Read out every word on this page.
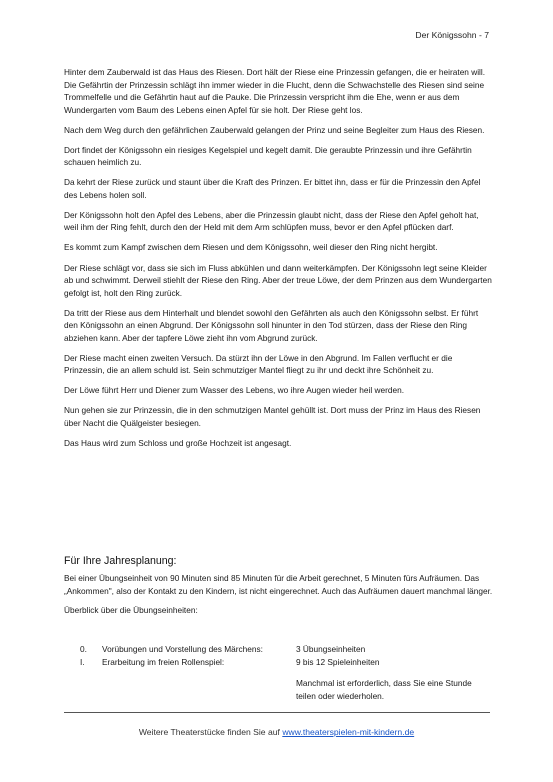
Der Königssohn - 7

Hinter dem Zauberwald ist das Haus des Riesen. Dort hält der Riese eine Prinzessin gefangen, die er heiraten will. Die Gefährtin der Prinzessin schlägt ihn immer wieder in die Flucht, denn die Schwachstelle des Riesen sind seine Trommelfelle und die Gefährtin haut auf die Pauke. Die Prinzessin verspricht ihm die Ehe, wenn er aus dem Wundergarten vom Baum des Lebens einen Apfel für sie holt. Der Riese geht los.

Nach dem Weg durch den gefährlichen Zauberwald gelangen der Prinz und seine Begleiter zum Haus des Riesen.

Dort findet der Königssohn ein riesiges Kegelspiel und kegelt damit. Die geraubte Prinzessin und ihre Gefährtin schauen heimlich zu.

Da kehrt der Riese zurück und staunt über die Kraft des Prinzen. Er bittet ihn, dass er für die Prinzessin den Apfel des Lebens holen soll.

Der Königssohn holt den Apfel des Lebens, aber die Prinzessin glaubt nicht, dass der Riese den Apfel geholt hat, weil ihm der Ring fehlt, durch den der Held mit dem Arm schlüpfen muss, bevor er den Apfel pflücken darf.

Es kommt zum Kampf zwischen dem Riesen und dem Königssohn, weil dieser den Ring nicht hergibt.

Der Riese schlägt vor, dass sie sich im Fluss abkühlen und dann weiterkämpfen. Der Königssohn legt seine Kleider ab und schwimmt. Derweil stiehlt der Riese den Ring. Aber der treue Löwe, der dem Prinzen aus dem Wundergarten gefolgt ist, holt den Ring zurück.

Da tritt der Riese aus dem Hinterhalt und blendet sowohl den Gefährten als auch den Königssohn selbst. Er führt den Königssohn an einen Abgrund. Der Königssohn soll hinunter in den Tod stürzen, dass der Riese den Ring abziehen kann. Aber der tapfere Löwe zieht ihn vom Abgrund zurück.

Der Riese macht einen zweiten Versuch. Da stürzt ihn der Löwe in den Abgrund. Im Fallen verflucht er die Prinzessin, die an allem schuld ist. Sein schmutziger Mantel fliegt zu ihr und deckt ihre Schönheit zu.

Der Löwe führt Herr und Diener zum Wasser des Lebens, wo ihre Augen wieder heil werden.

Nun gehen sie zur Prinzessin, die in den schmutzigen Mantel gehüllt ist. Dort muss der Prinz im Haus des Riesen über Nacht die Quälgeister besiegen.

Das Haus wird zum Schloss und große Hochzeit ist angesagt.

Für Ihre Jahresplanung:

Bei einer Übungseinheit von 90 Minuten sind 85 Minuten für die Arbeit gerechnet, 5 Minuten fürs Aufräumen. Das „Ankommen", also der Kontakt zu den Kindern, ist nicht eingerechnet. Auch das Aufräumen dauert manchmal länger.

Überblick über die Übungseinheiten:

0. Vorübungen und Vorstellung des Märchens:	3 Übungseinheiten
I. Erarbeitung im freien Rollenspiel:	9 bis 12 Spieleinheiten
Manchmal ist erforderlich, dass Sie eine Stunde teilen oder wiederholen.
Weitere Theaterstücke finden Sie auf www.theaterspielen-mit-kindern.de
